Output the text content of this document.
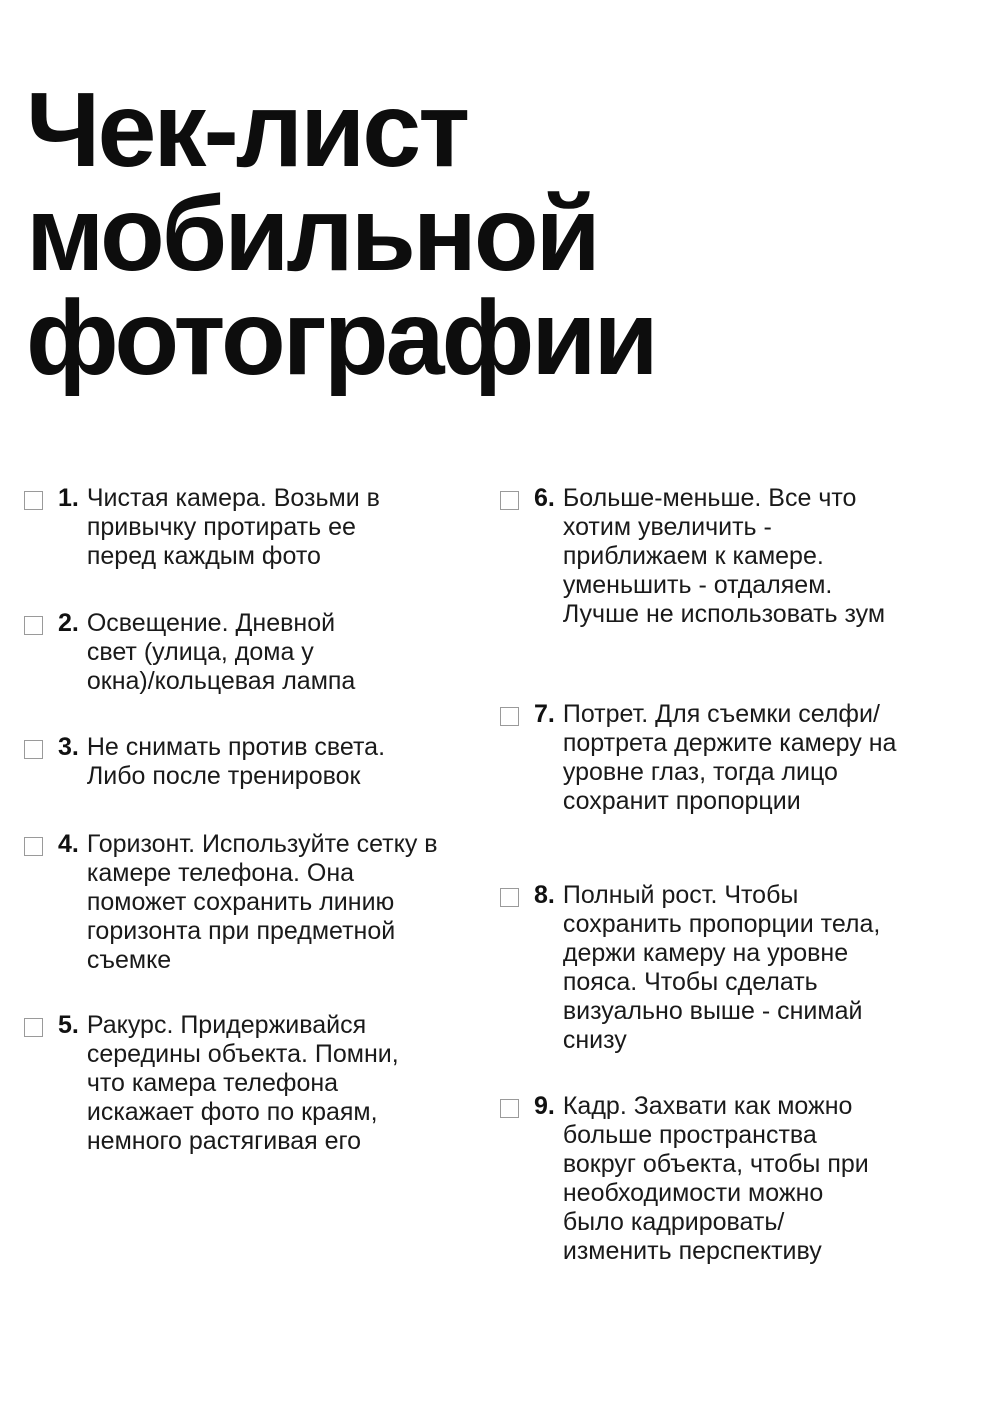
Чек-лист
мобильной
фотографии
1. Чистая камера. Возьми в привычку протирать ее перед каждым фото
2. Освещение. Дневной свет (улица, дома у окна)/кольцевая лампа
3. Не снимать против света. Либо после тренировок
4. Горизонт. Используйте сетку в камере телефона. Она поможет сохранить линию горизонта при предметной съемке
5. Ракурс. Придерживайся середины объекта. Помни, что камера телефона искажает фото по краям, немного растягивая его
6. Больше-меньше. Все что хотим увеличить - приближаем к камере. уменьшить - отдаляем. Лучше не использовать зум
7. Потрет. Для съемки селфи/портрета держите камеру на уровне глаз, тогда лицо сохранит пропорции
8. Полный рост. Чтобы сохранить пропорции тела, держи камеру на уровне пояса. Чтобы сделать визуально выше - снимай снизу
9. Кадр. Захвати как можно больше пространства вокруг объекта, чтобы при необходимости можно было кадрировать/изменить перспективу
